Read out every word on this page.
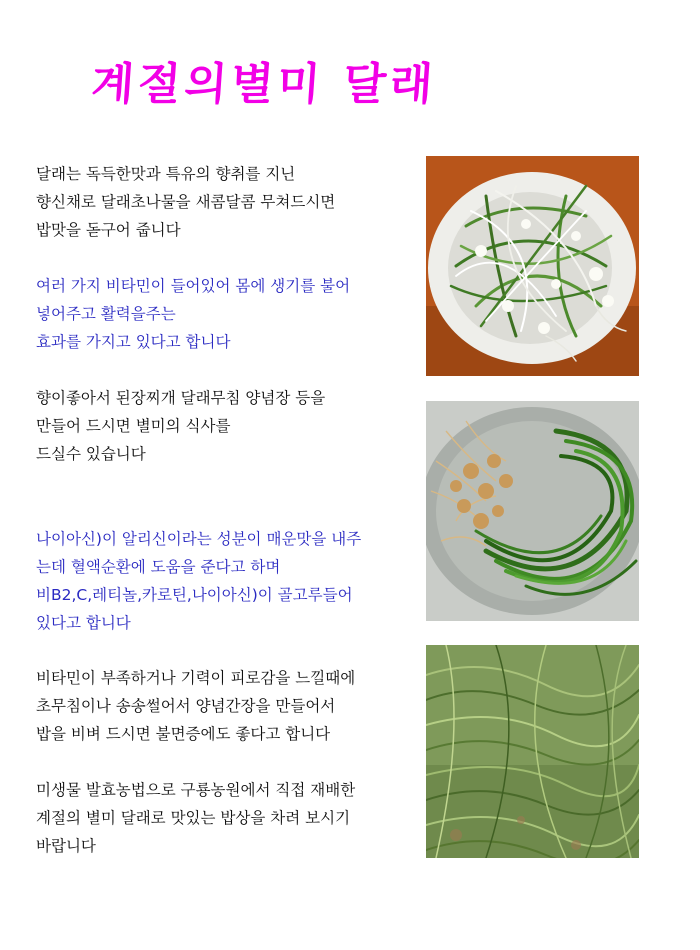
계절의별미 달래
달래는 독득한맛과 특유의 향취를 지닌
향신채로 달래초나물을 새콤달콤 무쳐드시면
밥맛을 돋구어 줍니다
여러 가지 비타민이 들어있어 몸에 생기를 불어
넣어주고 활력을주는
효과를 가지고 있다고 합니다
향이좋아서 된장찌개 달래무침 양념장 등을
만들어 드시면 별미의 식사를
드실수 있습니다
나이아신)이 알리신이라는 성분이 매운맛을 내주
는데 혈액순환에 도움을 준다고 하며
비B2,C,레티놀,카로틴,나이아신)이 골고루들어
있다고 합니다
비타민이 부족하거나 기력이 피로감을 느낄때에
초무침이나 송송썰어서 양념간장을 만들어서
밥을 비벼 드시면 불면증에도 좋다고 합니다
미생물 발효농법으로 구룡농원에서 직접 재배한
계절의 별미 달래로 맛있는 밥상을 차려 보시기
바랍니다
